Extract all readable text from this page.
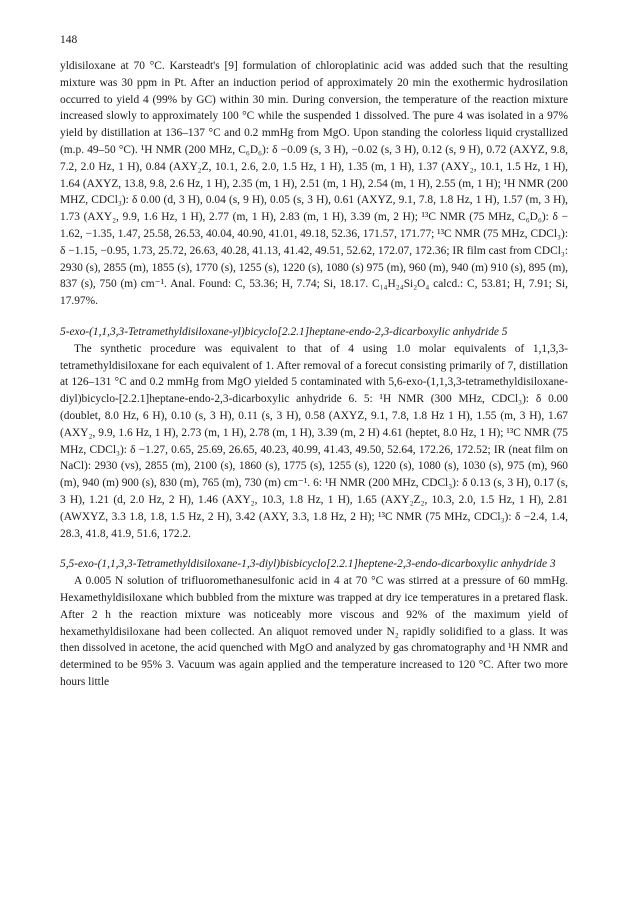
148

yldisiloxane at 70 °C. Karsteadt's [9] formulation of chloroplatinic acid was added such that the resulting mixture was 30 ppm in Pt. After an induction period of approximately 20 min the exothermic hydrosilation occurred to yield 4 (99% by GC) within 30 min. During conversion, the temperature of the reaction mixture increased slowly to approximately 100 °C while the suspended 1 dissolved. The pure 4 was isolated in a 97% yield by distillation at 136–137 °C and 0.2 mmHg from MgO. Upon standing the colorless liquid crystallized (m.p. 49–50 °C). ¹H NMR (200 MHz, C₆D₆): δ −0.09 (s, 3 H), −0.02 (s, 3 H), 0.12 (s, 9 H), 0.72 (AXYZ, 9.8, 7.2, 2.0 Hz, 1 H), 0.84 (AXY₂Z, 10.1, 2.6, 2.0, 1.5 Hz, 1 H), 1.35 (m, 1 H), 1.37 (AXY₂, 10.1, 1.5 Hz, 1 H), 1.64 (AXYZ, 13.8, 9.8, 2.6 Hz, 1 H), 2.35 (m, 1 H), 2.51 (m, 1 H), 2.54 (m, 1 H), 2.55 (m, 1 H); ¹H NMR (200 MHZ, CDCl₃): δ 0.00 (d, 3 H), 0.04 (s, 9 H), 0.05 (s, 3 H), 0.61 (AXYZ, 9.1, 7.8, 1.8 Hz, 1 H), 1.57 (m, 3 H), 1.73 (AXY₂, 9.9, 1.6 Hz, 1 H), 2.77 (m, 1 H), 2.83 (m, 1 H), 3.39 (m, 2 H); ¹³C NMR (75 MHz, C₆D₆): δ − 1.62, −1.35, 1.47, 25.58, 26.53, 40.04, 40.90, 41.01, 49.18, 52.36, 171.57, 171.77; ¹³C NMR (75 MHz, CDCl₃): δ −1.15, −0.95, 1.73, 25.72, 26.63, 40.28, 41.13, 41.42, 49.51, 52.62, 172.07, 172.36; IR film cast from CDCl₃: 2930 (s), 2855 (m), 1855 (s), 1770 (s), 1255 (s), 1220 (s), 1080 (s) 975 (m), 960 (m), 940 (m) 910 (s), 895 (m), 837 (s), 750 (m) cm⁻¹. Anal. Found: C, 53.36; H, 7.74; Si, 18.17. C₁₄H₂₄Si₂O₄ calcd.: C, 53.81; H, 7.91; Si, 17.97%.

5-exo-(1,1,3,3-Tetramethyldisiloxane-yl)bicyclo[2.2.1]heptane-endo-2,3-dicarboxylic anhydride 5

The synthetic procedure was equivalent to that of 4 using 1.0 molar equivalents of 1,1,3,3-tetramethyldisiloxane for each equivalent of 1. After removal of a forecut consisting primarily of 7, distillation at 126–131 °C and 0.2 mmHg from MgO yielded 5 contaminated with 5,6-exo-(1,1,3,3-tetramethyldisiloxane-diyl)bicyclo-[2.2.1]heptane-endo-2,3-dicarboxylic anhydride 6. 5: ¹H NMR (300 MHz, CDCl₃): δ 0.00 (doublet, 8.0 Hz, 6 H), 0.10 (s, 3 H), 0.11 (s, 3 H), 0.58 (AXYZ, 9.1, 7.8, 1.8 Hz 1 H), 1.55 (m, 3 H), 1.67 (AXY₂, 9.9, 1.6 Hz, 1 H), 2.73 (m, 1 H), 2.78 (m, 1 H), 3.39 (m, 2 H) 4.61 (heptet, 8.0 Hz, 1 H); ¹³C NMR (75 MHz, CDCl₃): δ −1.27, 0.65, 25.69, 26.65, 40.23, 40.99, 41.43, 49.50, 52.64, 172.26, 172.52; IR (neat film on NaCl): 2930 (vs), 2855 (m), 2100 (s), 1860 (s), 1775 (s), 1255 (s), 1220 (s), 1080 (s), 1030 (s), 975 (m), 960 (m), 940 (m) 900 (s), 830 (m), 765 (m), 730 (m) cm⁻¹. 6: ¹H NMR (200 MHz, CDCl₃): δ 0.13 (s, 3 H), 0.17 (s, 3 H), 1.21 (d, 2.0 Hz, 2 H), 1.46 (AXY₂, 10.3, 1.8 Hz, 1 H), 1.65 (AXY₂Z₂, 10.3, 2.0, 1.5 Hz, 1 H), 2.81 (AWXYZ, 3.3 1.8, 1.8, 1.5 Hz, 2 H), 3.42 (AXY, 3.3, 1.8 Hz, 2 H); ¹³C NMR (75 MHz, CDCl₃): δ −2.4, 1.4, 28.3, 41.8, 41.9, 51.6, 172.2.

5,5-exo-(1,1,3,3-Tetramethyldisiloxane-1,3-diyl)bisbicyclo[2.2.1]heptene-2,3-endo-dicarboxylic anhydride 3

A 0.005 N solution of trifluoromethanesulfonic acid in 4 at 70 °C was stirred at a pressure of 60 mmHg. Hexamethyldisiloxane which bubbled from the mixture was trapped at dry ice temperatures in a pretared flask. After 2 h the reaction mixture was noticeably more viscous and 92% of the maximum yield of hexamethyldisiloxane had been collected. An aliquot removed under N₂ rapidly solidified to a glass. It was then dissolved in acetone, the acid quenched with MgO and analyzed by gas chromatography and ¹H NMR and determined to be 95% 3. Vacuum was again applied and the temperature increased to 120 °C. After two more hours little
